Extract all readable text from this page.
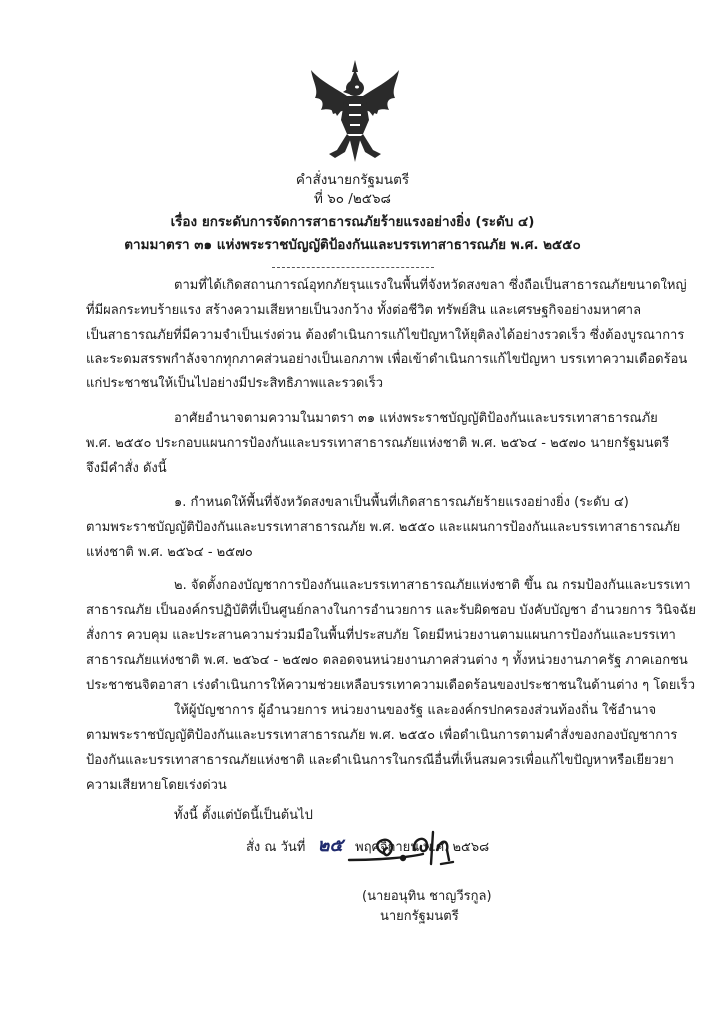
คำสั่งนายกรัฐมนตรี
ที่ ๖๐ /๒๕๖๘
เรื่อง ยกระดับการจัดการสาธารณภัยร้ายแรงอย่างยิ่ง (ระดับ ๔)
ตามมาตรา ๓๑ แห่งพระราชบัญญัติป้องกันและบรรเทาสาธารณภัย พ.ศ. ๒๕๕๐
ตามที่ได้เกิดสถานการณ์อุทกภัยรุนแรงในพื้นที่จังหวัดสงขลา ซึ่งถือเป็นสาธารณภัยขนาดใหญ่
ที่มีผลกระทบร้ายแรง สร้างความเสียหายเป็นวงกว้าง ทั้งต่อชีวิต ทรัพย์สิน และเศรษฐกิจอย่างมหาศาล
เป็นสาธารณภัยที่มีความจำเป็นเร่งด่วน ต้องดำเนินการแก้ไขปัญหาให้ยุติลงได้อย่างรวดเร็ว ซึ่งต้องบูรณาการ
และระดมสรรพกำลังจากทุกภาคส่วนอย่างเป็นเอกภาพ เพื่อเข้าดำเนินการแก้ไขปัญหา บรรเทาความเดือดร้อน
แก่ประชาชนให้เป็นไปอย่างมีประสิทธิภาพและรวดเร็ว
อาศัยอำนาจตามความในมาตรา ๓๑ แห่งพระราชบัญญัติป้องกันและบรรเทาสาธารณภัย
พ.ศ. ๒๕๕๐ ประกอบแผนการป้องกันและบรรเทาสาธารณภัยแห่งชาติ พ.ศ. ๒๕๖๔ - ๒๕๗๐ นายกรัฐมนตรี
จึงมีคำสั่ง ดังนี้
๑. กำหนดให้พื้นที่จังหวัดสงขลาเป็นพื้นที่เกิดสาธารณภัยร้ายแรงอย่างยิ่ง (ระดับ ๔)
ตามพระราชบัญญัติป้องกันและบรรเทาสาธารณภัย พ.ศ. ๒๕๕๐ และแผนการป้องกันและบรรเทาสาธารณภัย
แห่งชาติ พ.ศ. ๒๕๖๔ - ๒๕๗๐
๒. จัดตั้งกองบัญชาการป้องกันและบรรเทาสาธารณภัยแห่งชาติ ขึ้น ณ กรมป้องกันและบรรเทา
สาธารณภัย เป็นองค์กรปฏิบัติที่เป็นศูนย์กลางในการอำนวยการ และรับผิดชอบ บังคับบัญชา อำนวยการ วินิจฉัย
สั่งการ ควบคุม และประสานความร่วมมือในพื้นที่ประสบภัย โดยมีหน่วยงานตามแผนการป้องกันและบรรเทา
สาธารณภัยแห่งชาติ พ.ศ. ๒๕๖๔ - ๒๕๗๐ ตลอดจนหน่วยงานภาคส่วนต่าง ๆ ทั้งหน่วยงานภาครัฐ ภาคเอกชน
ประชาชนจิตอาสา เร่งดำเนินการให้ความช่วยเหลือบรรเทาความเดือดร้อนของประชาชนในด้านต่าง ๆ โดยเร็ว
ให้ผู้บัญชาการ ผู้อำนวยการ หน่วยงานของรัฐ และองค์กรปกครองส่วนท้องถิ่น ใช้อำนาจ
ตามพระราชบัญญัติป้องกันและบรรเทาสาธารณภัย พ.ศ. ๒๕๕๐ เพื่อดำเนินการตามคำสั่งของกองบัญชาการ
ป้องกันและบรรเทาสาธารณภัยแห่งชาติ และดำเนินการในกรณีอื่นที่เห็นสมควรเพื่อแก้ไขปัญหาหรือเยียวยา
ความเสียหายโดยเร่งด่วน
ทั้งนี้ ตั้งแต่บัดนี้เป็นต้นไป
สั่ง ณ วันที่ ๒๕ พฤศจิกายน พ.ศ. ๒๕๖๘
(นายอนุทิน ชาญวีรกูล)
นายกรัฐมนตรี
